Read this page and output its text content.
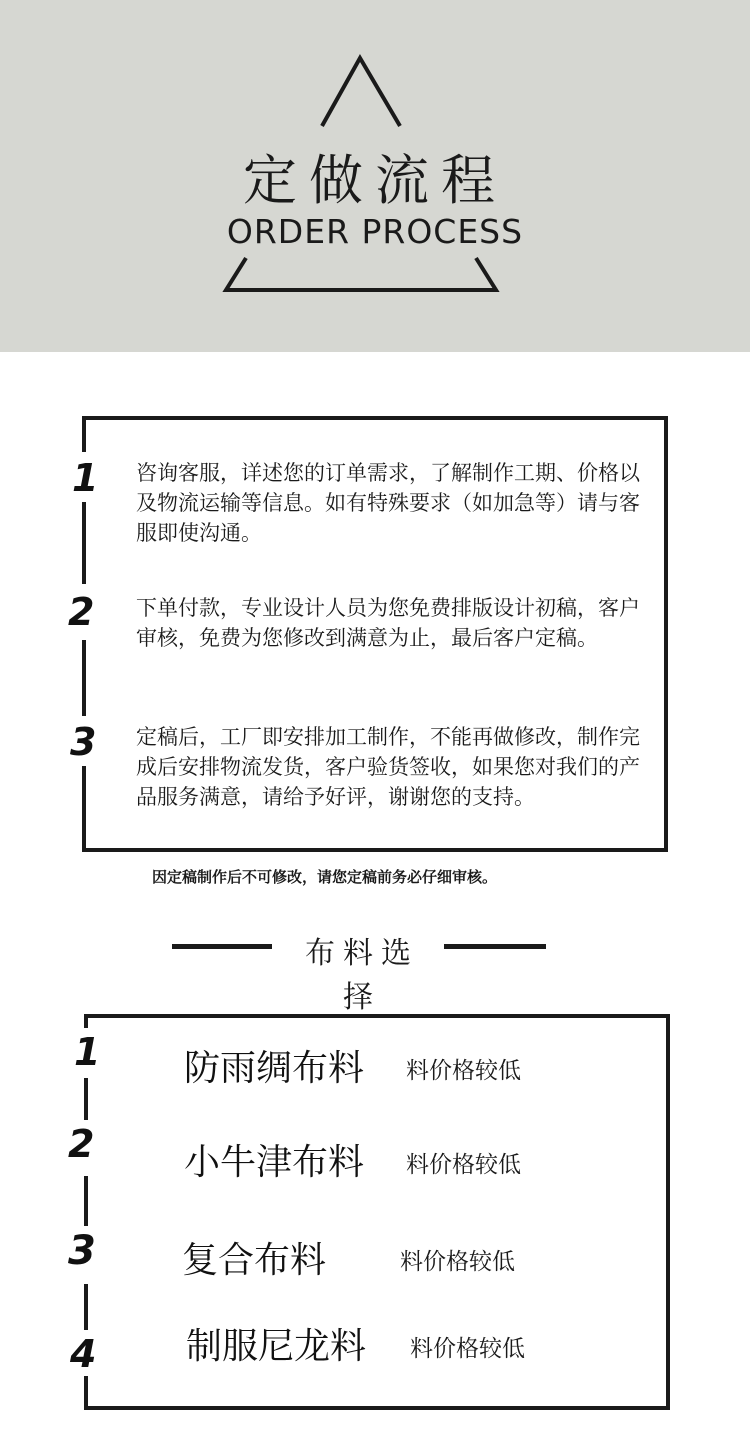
定做流程
ORDER PROCESS
1 咨询客服，详述您的订单需求，了解制作工期、价格以及物流运输等信息。如有特殊要求（如加急等）请与客服即使沟通。
2 下单付款，专业设计人员为您免费排版设计初稿，客户审核，免费为您修改到满意为止，最后客户定稿。
3 定稿后，工厂即安排加工制作，不能再做修改，制作完成后安排物流发货，客户验货签收，如果您对我们的产品服务满意，请给予好评，谢谢您的支持。
因定稿制作后不可修改，请您定稿前务必仔细审核。
布料选择
1 防雨绸布料 料价格较低
2 小牛津布料 料价格较低
3 复合布料	料价格较低
4 制服尼龙料 料价格较低
